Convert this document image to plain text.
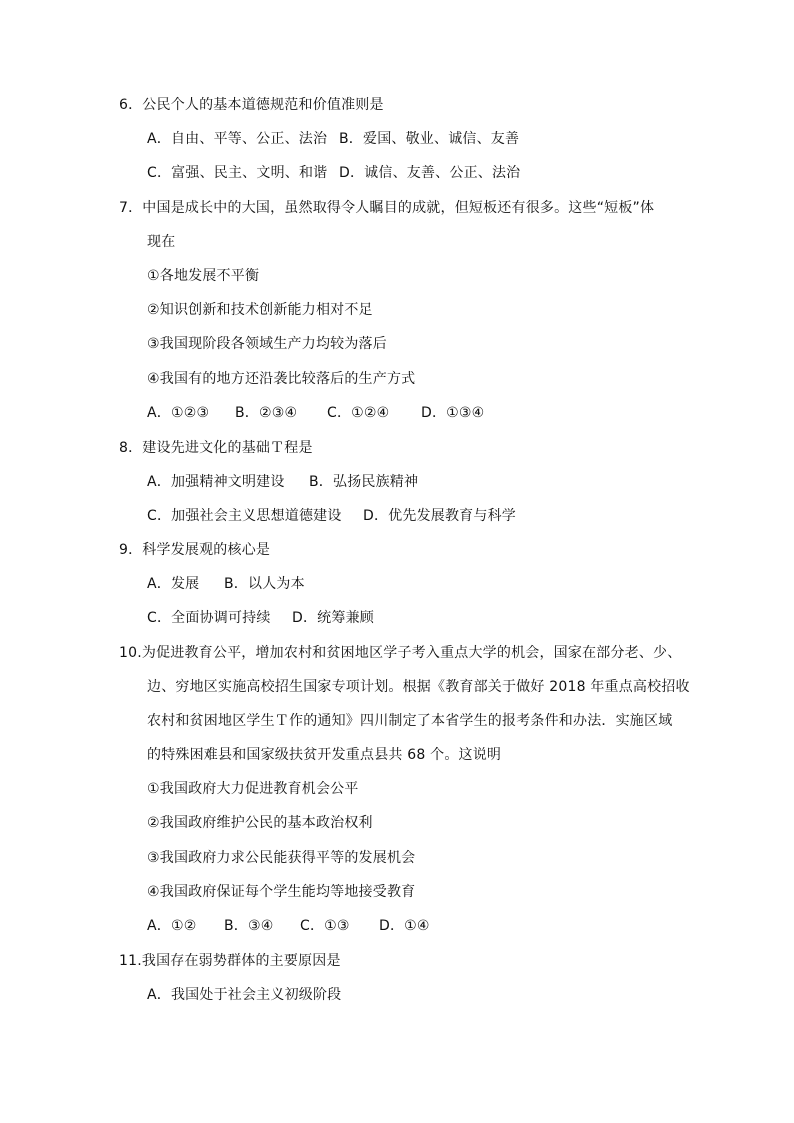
6．公民个人的基本道德规范和价值准则是
A．自由、平等、公正、法治 B．爱国、敬业、诚信、友善
C．富强、民主、文明、和谐 D．诚信、友善、公正、法治
7．中国是成长中的大国，虽然取得令人瞩目的成就，但短板还有很多。这些“短板”体
现在
①各地发展不平衡
②知识创新和技术创新能力相对不足
③我国现阶段各领域生产力均较为落后
④我国有的地方还沿袭比较落后的生产方式
A．①②③ B．②③④ C．①②④ D．①③④
8．建设先进文化的基础Ｔ程是
A．加强精神文明建设 B．弘扬民族精神
C．加强社会主义思想道德建设 D．优先发展教育与科学
9．科学发展观的核心是
A．发展 B．以人为本
C．全面协调可持续 D．统筹兼顾
10.为促进教育公平，增加农村和贫困地区学子考入重点大学的机会，国家在部分老、少、
边、穷地区实施高校招生国家专项计划。根据《教育部关于做好 2018 年重点高校招收
农村和贫困地区学生Ｔ作的通知》四川制定了本省学生的报考条件和办法．实施区域
的特殊困难县和国家级扶贫开发重点县共 68 个。这说明
①我国政府大力促进教育机会公平
②我国政府维护公民的基本政治权利
③我国政府力求公民能获得平等的发展机会
④我国政府保证每个学生能均等地接受教育
A．①② B．③④ C．①③ D．①④
11.我国存在弱势群体的主要原因是
A．我国处于社会主义初级阶段
